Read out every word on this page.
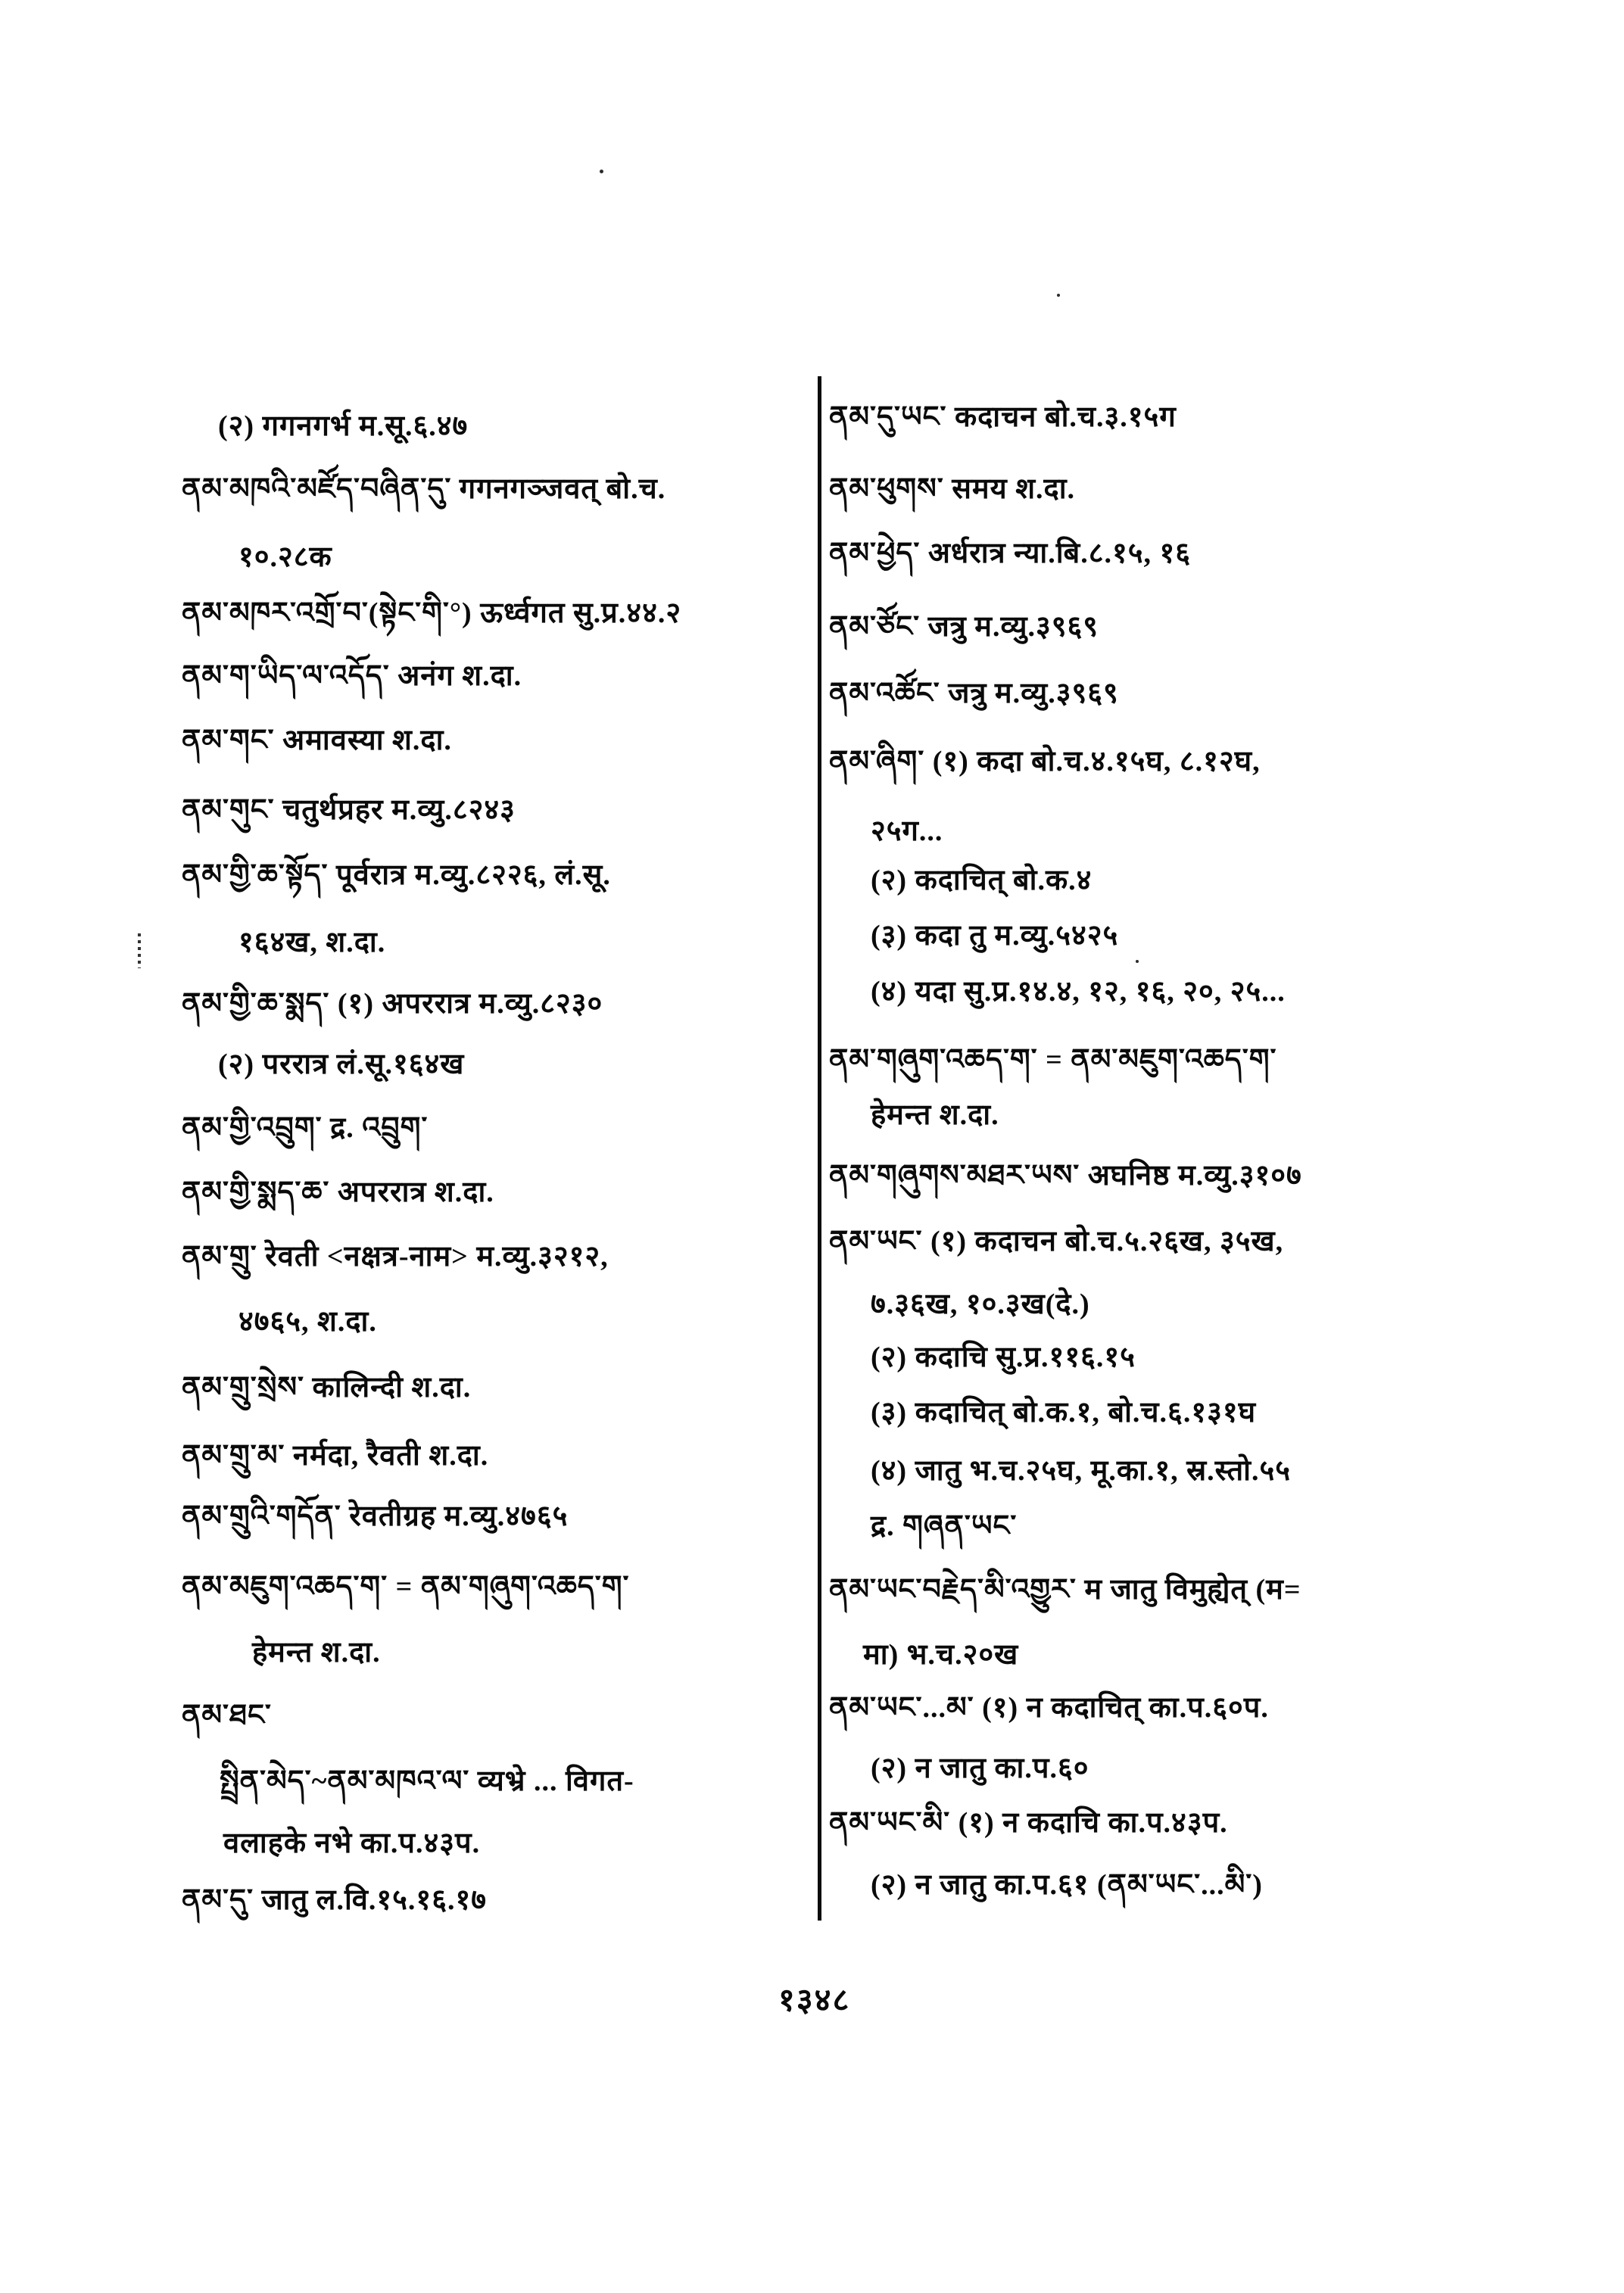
(२) गगनगर्भ म.सू.६.४७
ནམ་མཁའི་མཛོད་བཞིན་དུ་ गगनगञ्जवत् बो.च.
१०.२८क
ནམ་མཁར་འགྲོ་བ་(སྟེང་གི་°) ऊर्ध्वगत सु.प्र.४४.२
ནམ་ག་ཡིད་ལ་འདོད་ अनंग श.दा.
ནམ་གང་ अमावस्या श.दा.
ནམ་གུང་ चतुर्थप्रहर म.व्यु.८२४३
ནམ་གྱི་ཆ་སྟོད་ पूर्वरात्र म.व्यु.८२२६, लं.सू.
१६४ख, श.दा.
ནམ་གྱི་ཆ་སྨད་ (१) अपररात्र म.व्यु.८२३०
(२) पररात्र लं.सू.१६४ख
ནམ་གྱི་འབྲུག་ द्र. འབྲུག་
ནམ་གྱི་སྨད་ཆ་ अपररात्र श.दा.
ནམ་གྲུ་ रेवती <नक्षत्र-नाम> म.व्यु.३२१२,
४७६५, श.दा.
ནམ་གྲུ་སྲེས་ कालिन्दी श.दा.
ནམ་གྲུ་མ་ नर्मदा, रैवती श.दा.
ནམ་གྲུའི་གདོན་ रेवतीग्रह म.व्यु.४७६५
ནམ་མཇུག་འཆད་ག་ = ནམ་གཞུག་འཆད་ག་
हेमन्त श.दा.
ནམ་ཐང་
སྤྲིན་མེད་~ནམ་མཁའ་ལ་ व्यभ्रे ... विगत-
वलाहके नभे का.प.४३प.
ནམ་དུ་ जातु ल.वि.१५.१६.१७
ནམ་དུ་ཡང་ कदाचन बो.च.३.१५ग
ནམ་ཕུགས་ समय श.दा.
ནམ་ཕྱེད་ अर्धरात्र न्या.बि.८.१५, १६
ནམ་ཙོང་ जत्रु म.व्यु.३९६९
ནམ་འཚོང་ जत्रु म.व्यु.३९६९
ནམ་ཞིག་ (१) कदा बो.च.४.१५घ, ८.१२घ,
२५ग...
(२) कदाचित् बो.क.४
(३) कदा तु म.व्यु.५४२५
(४) यदा सु.प्र.१४.४, १२, १६, २०, २५...
ནམ་གཞུག་འཆད་ག་ = ནམ་མཇུག་འཆད་ག་
हेमन्त श.दा.
ནམ་གཞུགས་མཐར་ཡས་ अघनिष्ठ म.व्यु.३१०७
ནམ་ཡང་ (१) कदाचन बो.च.५.२६ख, ३५ख,
७.३६ख, १०.३ख(दे.)
(२) कदाचि सु.प्र.११६.१५
(३) कदाचित् बो.क.१, बो.च.६.१३१घ
(४) जातु भ.च.२५घ, मू.का.१, स्र.स्तो.५५
द्र. གཞན་ཡང་
ནམ་ཡང་བརྗེད་མི་འགྱུར་ म जातु विमुह्येत् (म=
मा) भ.च.२०ख
ནམ་ཡང་...མ་ (१) न कदाचित् का.प.६०प.
(२) न जातु का.प.६०
ནམ་ཡང་མི་ (१) न कदाचि का.प.४३प.
(२) न जातु का.प.६१ (ནམ་ཡང་...མི་)
१३४८
